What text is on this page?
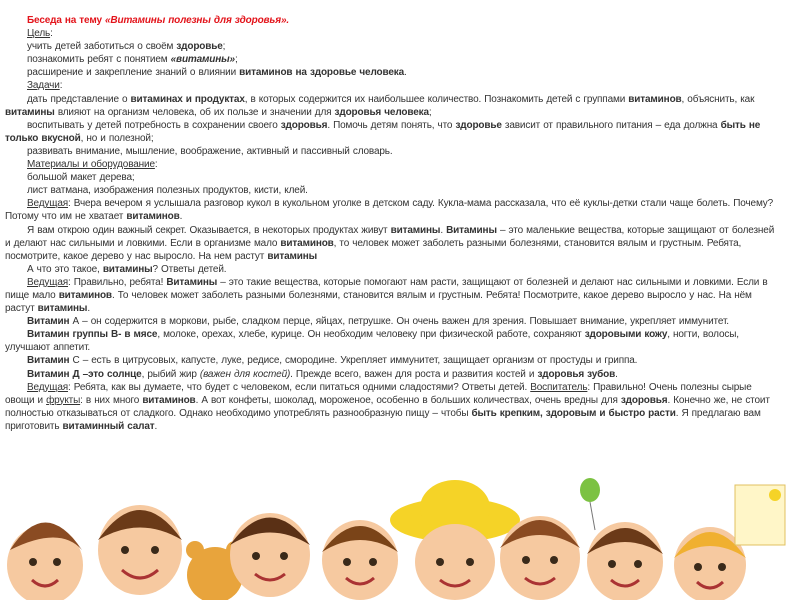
Беседа на тему «Витамины полезны для здоровья».

Цель:

учить детей заботиться о своём здоровье;

познакомить ребят с понятием «витамины»;

расширение и закрепление знаний о влиянии витаминов на здоровье человека.

Задачи:

дать представление о витаминах и продуктах, в которых содержится их наибольшее количество. Познакомить детей с группами витаминов, объяснить, как витамины влияют на организм человека, об их пользе и значении для здоровья человека;

воспитывать у детей потребность в сохранении своего здоровья. Помочь детям понять, что здоровье зависит от правильного питания – еда должна быть не только вкусной, но и полезной;

развивать внимание, мышление, воображение, активный и пассивный словарь.

Материалы и оборудование:

большой макет дерева;

лист ватмана, изображения полезных продуктов, кисти, клей.

Ведущая: Вчера вечером я услышала разговор кукол в кукольном уголке в детском саду. Кукла-мама рассказала, что её куклы-детки стали чаще болеть. Почему? Потому что им не хватает витаминов.

Я вам открою один важный секрет. Оказывается, в некоторых продуктах живут витамины. Витамины – это маленькие вещества, которые защищают от болезней и делают нас сильными и ловкими. Если в организме мало витаминов, то человек может заболеть разными болезнями, становится вялым и грустным. Ребята, посмотрите, какое дерево у нас выросло. На нем растут витамины

А что это такое, витамины? Ответы детей.

Ведущая: Правильно, ребята! Витамины – это такие вещества, которые помогают нам расти, защищают от болезней и делают нас сильными и ловкими. Если в пище мало витаминов. То человек может заболеть разными болезнями, становится вялым и грустным. Ребята! Посмотрите, какое дерево выросло у нас. На нём растут витамины.

Витамин А – он содержится в моркови, рыбе, сладком перце, яйцах, петрушке. Он очень важен для зрения. Повышает внимание, укрепляет иммунитет.

Витамин группы В- в мясе, молоке, орехах, хлебе, курице. Он необходим человеку при физической работе, сохраняют здоровыми кожу, ногти, волосы, улучшают аппетит.

Витамин С – есть в цитрусовых, капусте, луке, редисе, смородине. Укрепляет иммунитет, защищает организм от простуды и гриппа.

Витамин Д –это солнце, рыбий жир (важен для костей). Прежде всего, важен для роста и развития костей и здоровья зубов.

Ведущая: Ребята, как вы думаете, что будет с человеком, если питаться одними сладостями? Ответы детей. Воспитатель: Правильно! Очень полезны сырые овощи и фрукты: в них много витаминов. А вот конфеты, шоколад, мороженое, особенно в больших количествах, очень вредны для здоровья. Конечно же, не стоит полностью отказываться от сладкого. Однако необходимо употреблять разнообразную пищу – чтобы быть крепким, здоровым и быстро расти. Я предлагаю вам приготовить витаминный салат.
